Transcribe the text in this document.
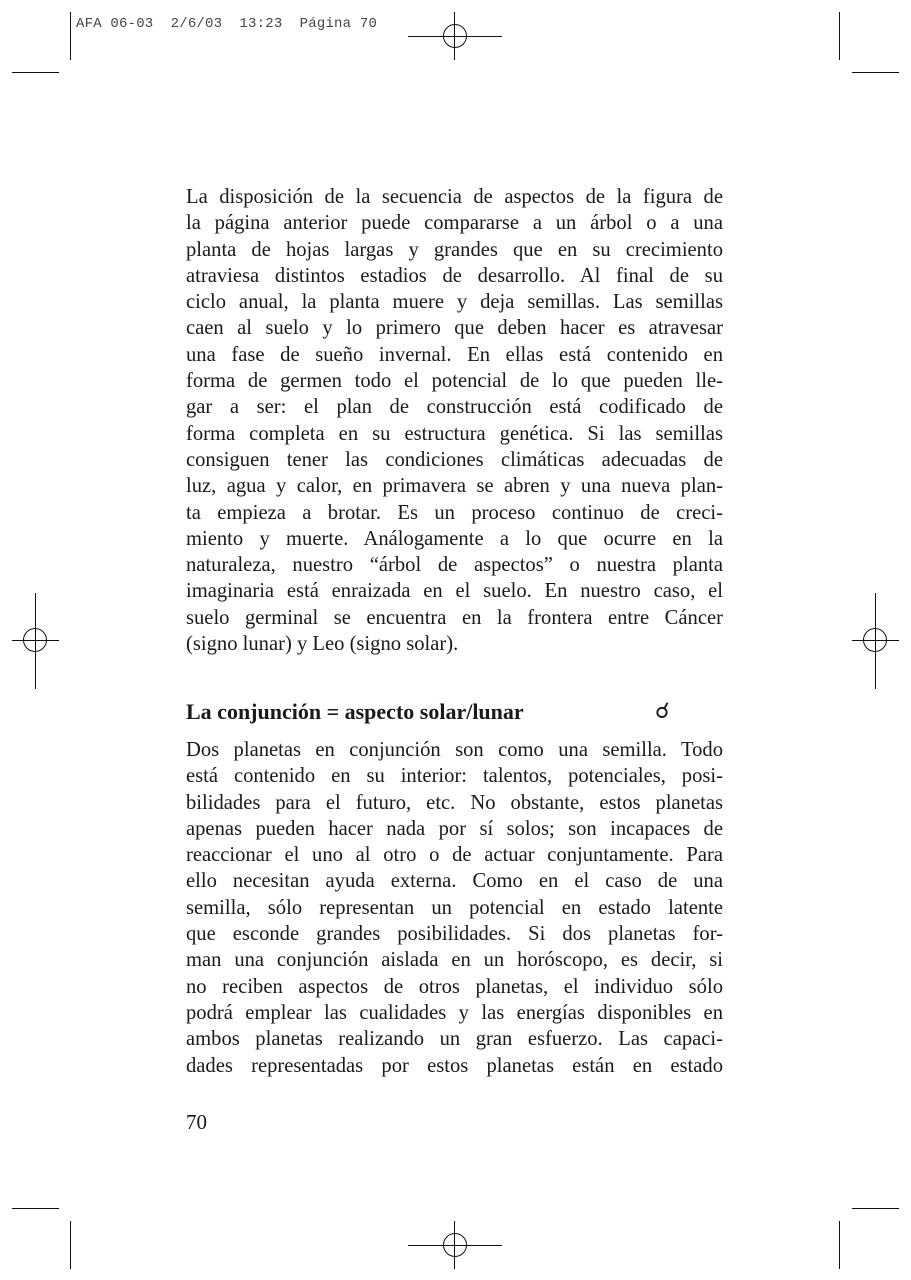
AFA 06-03  2/6/03  13:23  Página 70
La disposición de la secuencia de aspectos de la figura de
la página anterior puede compararse a un árbol o a una
planta de hojas largas y grandes que en su crecimiento
atraviesa distintos estadios de desarrollo. Al final de su
ciclo anual, la planta muere y deja semillas. Las semillas
caen al suelo y lo primero que deben hacer es atravesar
una fase de sueño invernal. En ellas está contenido en
forma de germen todo el potencial de lo que pueden lle-
gar a ser: el plan de construcción está codificado de
forma completa en su estructura genética. Si las semillas
consiguen tener las condiciones climáticas adecuadas de
luz, agua y calor, en primavera se abren y una nueva plan-
ta empieza a brotar. Es un proceso continuo de creci-
miento y muerte. Análogamente a lo que ocurre en la
naturaleza, nuestro “árbol de aspectos” o nuestra planta
imaginaria está enraizada en el suelo. En nuestro caso, el
suelo germinal se encuentra en la frontera entre Cáncer
(signo lunar) y Leo (signo solar).
La conjunción = aspecto solar/lunar	☌
Dos planetas en conjunción son como una semilla. Todo
está contenido en su interior: talentos, potenciales, posi-
bilidades para el futuro, etc. No obstante, estos planetas
apenas pueden hacer nada por sí solos; son incapaces de
reaccionar el uno al otro o de actuar conjuntamente. Para
ello necesitan ayuda externa. Como en el caso de una
semilla, sólo representan un potencial en estado latente
que esconde grandes posibilidades. Si dos planetas for-
man una conjunción aislada en un horóscopo, es decir, si
no reciben aspectos de otros planetas, el individuo sólo
podrá emplear las cualidades y las energías disponibles en
ambos planetas realizando un gran esfuerzo. Las capaci-
dades representadas por estos planetas están en estado
70
